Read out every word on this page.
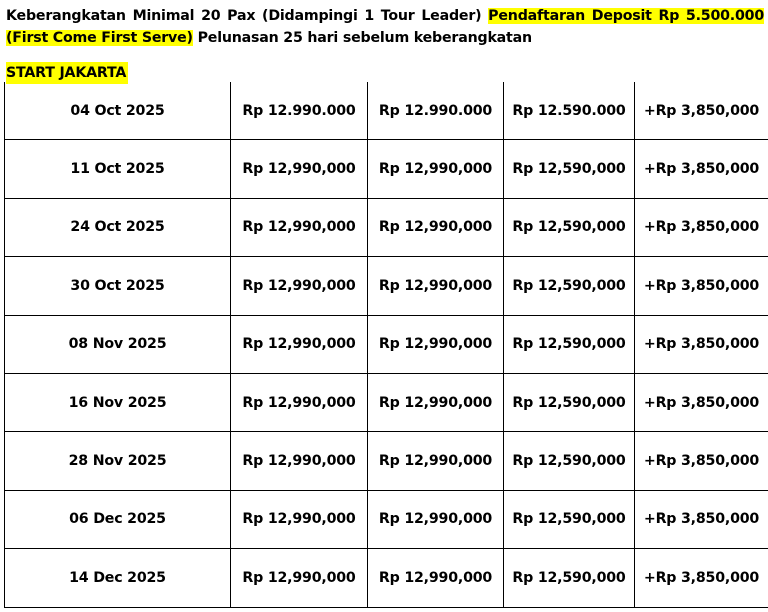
Keberangkatan Minimal 20 Pax (Didampingi 1 Tour Leader) Pendaftaran Deposit Rp 5.500.000 (First Come First Serve) Pelunasan 25 hari sebelum keberangkatan
START JAKARTA
04 Oct 2025	Rp 12.990.000	Rp 12.990.000	Rp 12.590.000	+Rp 3,850,000
11 Oct 2025	Rp 12,990,000	Rp 12,990,000	Rp 12,590,000	+Rp 3,850,000
24 Oct 2025	Rp 12,990,000	Rp 12,990,000	Rp 12,590,000	+Rp 3,850,000
30 Oct 2025	Rp 12,990,000	Rp 12,990,000	Rp 12,590,000	+Rp 3,850,000
08 Nov 2025	Rp 12,990,000	Rp 12,990,000	Rp 12,590,000	+Rp 3,850,000
16 Nov 2025	Rp 12,990,000	Rp 12,990,000	Rp 12,590,000	+Rp 3,850,000
28 Nov 2025	Rp 12,990,000	Rp 12,990,000	Rp 12,590,000	+Rp 3,850,000
06 Dec 2025	Rp 12,990,000	Rp 12,990,000	Rp 12,590,000	+Rp 3,850,000
14 Dec 2025	Rp 12,990,000	Rp 12,990,000	Rp 12,590,000	+Rp 3,850,000
